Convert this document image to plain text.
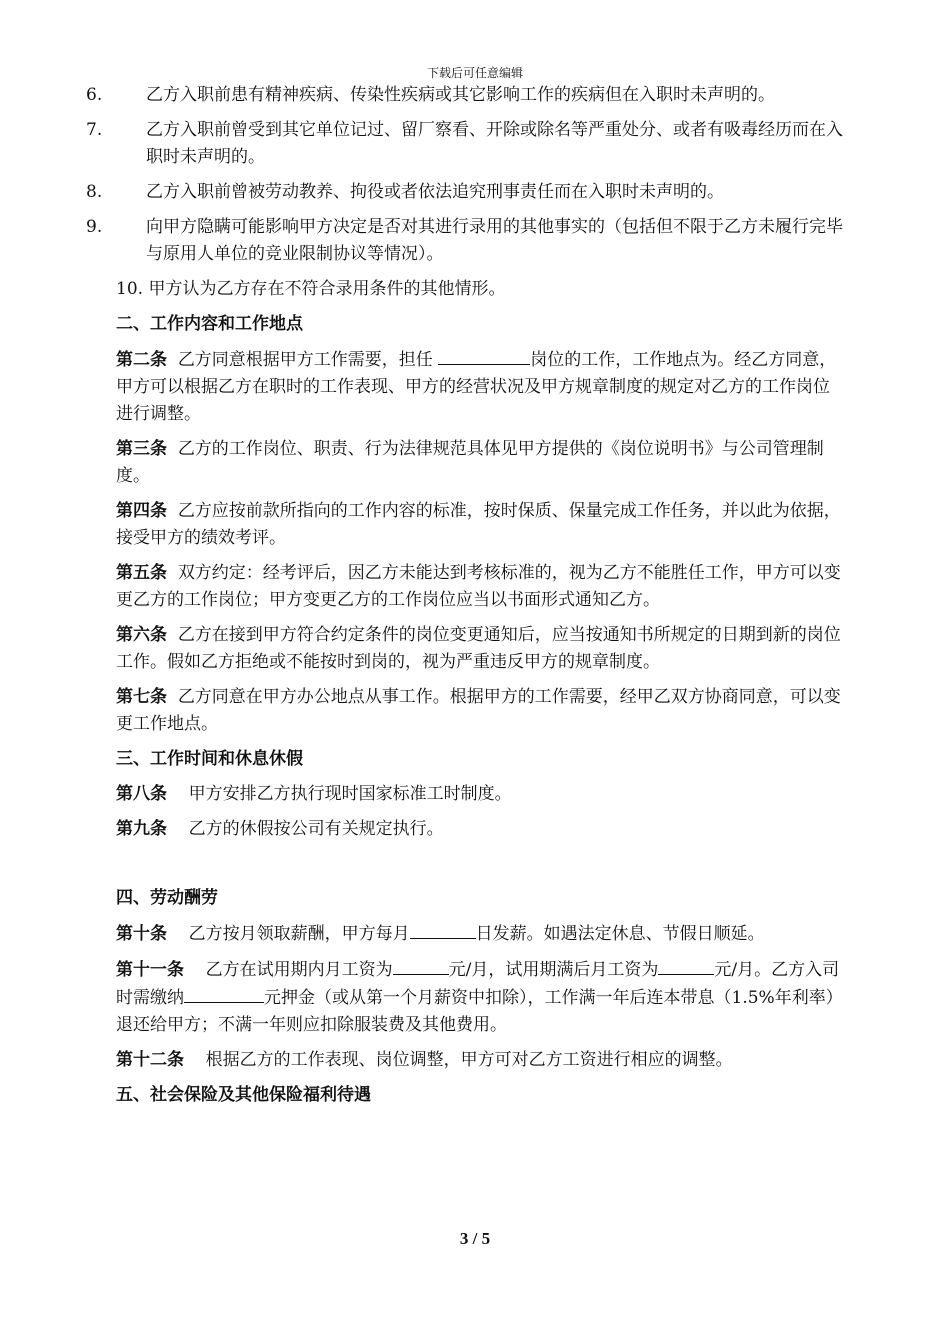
下载后可任意编辑
6.	乙方入职前患有精神疾病、传染性疾病或其它影响工作的疾病但在入职时未声明的。
7.	乙方入职前曾受到其它单位记过、留厂察看、开除或除名等严重处分、或者有吸毒经历而在入职时未声明的。
8.	乙方入职前曾被劳动教养、拘役或者依法追究刑事责任而在入职时未声明的。
9.	向甲方隐瞒可能影响甲方决定是否对其进行录用的其他事实的（包括但不限于乙方未履行完毕与原用人单位的竞业限制协议等情况）。
10. 甲方认为乙方存在不符合录用条件的其他情形。
二、工作内容和工作地点
第二条 乙方同意根据甲方工作需要，担任	岗位的工作，工作地点为。经乙方同意，甲方可以根据乙方在职时的工作表现、甲方的经营状况及甲方规章制度的规定对乙方的工作岗位进行调整。
第三条 乙方的工作岗位、职责、行为法律规范具体见甲方提供的《岗位说明书》与公司管理制度。
第四条 乙方应按前款所指向的工作内容的标准，按时保质、保量完成工作任务，并以此为依据，接受甲方的绩效考评。
第五条 双方约定：经考评后，因乙方未能达到考核标准的，视为乙方不能胜任工作，甲方可以变更乙方的工作岗位；甲方变更乙方的工作岗位应当以书面形式通知乙方。
第六条 乙方在接到甲方符合约定条件的岗位变更通知后，应当按通知书所规定的日期到新的岗位工作。假如乙方拒绝或不能按时到岗的，视为严重违反甲方的规章制度。
第七条 乙方同意在甲方办公地点从事工作。根据甲方的工作需要，经甲乙双方协商同意，可以变更工作地点。
三、工作时间和休息休假
第八条 甲方安排乙方执行现时国家标准工时制度。
第九条 乙方的休假按公司有关规定执行。
四、劳动酬劳
第十条 乙方按月领取薪酬，甲方每月	日发薪。如遇法定休息、节假日顺延。
第十一条 乙方在试用期内月工资为	元/月，试用期满后月工资为	元/月。乙方入司时需缴纳	元押金（或从第一个月薪资中扣除），工作满一年后连本带息（1.5%年利率）退还给甲方；不满一年则应扣除服装费及其他费用。
第十二条 根据乙方的工作表现、岗位调整，甲方可对乙方工资进行相应的调整。
五、社会保险及其他保险福利待遇
3 / 5
